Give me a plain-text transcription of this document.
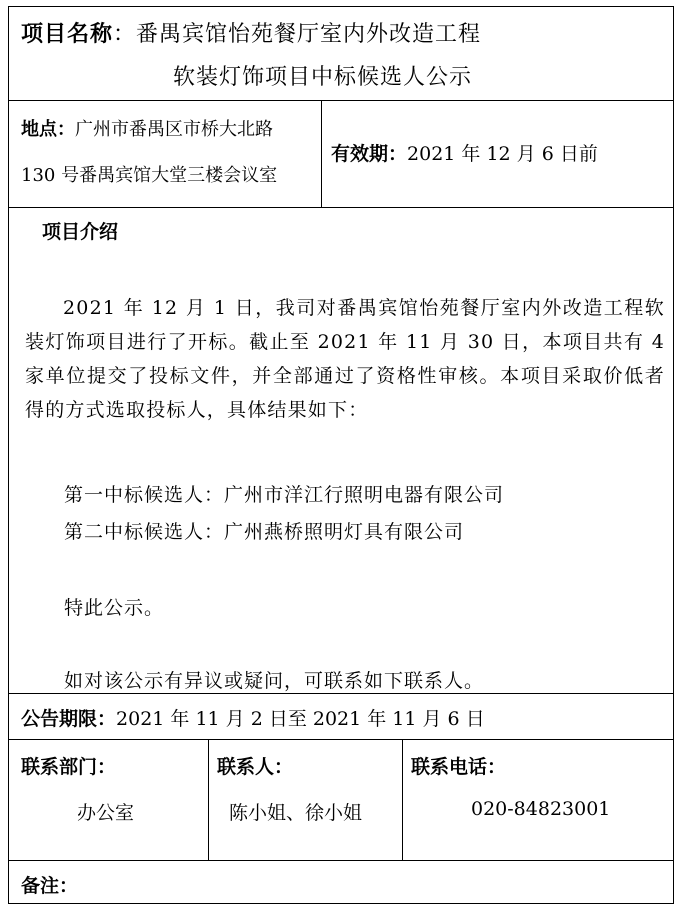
项目名称：番禺宾馆怡苑餐厅室内外改造工程
软装灯饰项目中标候选人公示
地点：广州市番禺区市桥大北路
130 号番禺宾馆大堂三楼会议室
有效期：2021 年 12 月 6 日前
项目介绍
2021 年 12 月 1 日，我司对番禺宾馆怡苑餐厅室内外改造工程软装灯饰项目进行了开标。截止至 2021 年 11 月 30 日，本项目共有 4 家单位提交了投标文件，并全部通过了资格性审核。本项目采取价低者得的方式选取投标人，具体结果如下：
第一中标候选人：广州市洋江行照明电器有限公司
第二中标候选人：广州燕桥照明灯具有限公司
特此公示。
如对该公示有异议或疑问，可联系如下联系人。
公告期限：2021 年 11 月 2 日至 2021 年 11 月 6 日
联系部门：
办公室
联系人：
陈小姐、徐小姐
联系电话：
020-84823001
备注：
